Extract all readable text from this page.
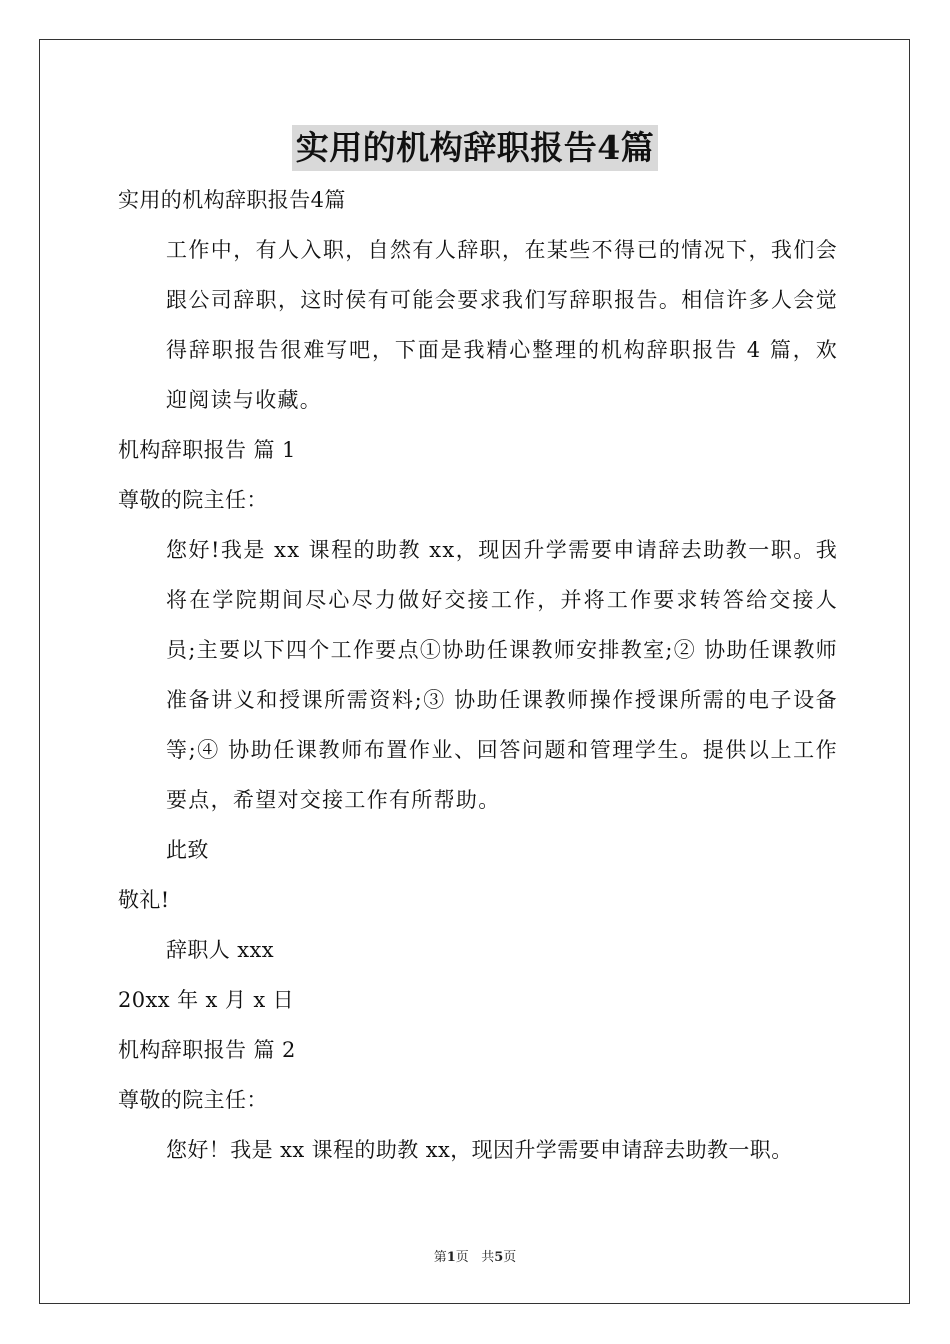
实用的机构辞职报告4篇
实用的机构辞职报告4篇
工作中，有人入职，自然有人辞职，在某些不得已的情况下，我们会跟公司辞职，这时侯有可能会要求我们写辞职报告。相信许多人会觉得辞职报告很难写吧，下面是我精心整理的机构辞职报告 4 篇，欢迎阅读与收藏。
机构辞职报告 篇 1
尊敬的院主任：
您好!我是 xx 课程的助教 xx，现因升学需要申请辞去助教一职。我将在学院期间尽心尽力做好交接工作，并将工作要求转答给交接人员;主要以下四个工作要点①协助任课教师安排教室;② 协助任课教师准备讲义和授课所需资料;③ 协助任课教师操作授课所需的电子设备等;④ 协助任课教师布置作业、回答问题和管理学生。提供以上工作要点，希望对交接工作有所帮助。
此致
敬礼!
辞职人 xxx
20xx 年 x 月 x 日
机构辞职报告 篇 2
尊敬的院主任：
您好！我是 xx 课程的助教 xx，现因升学需要申请辞去助教一职。
第1页   共5页
